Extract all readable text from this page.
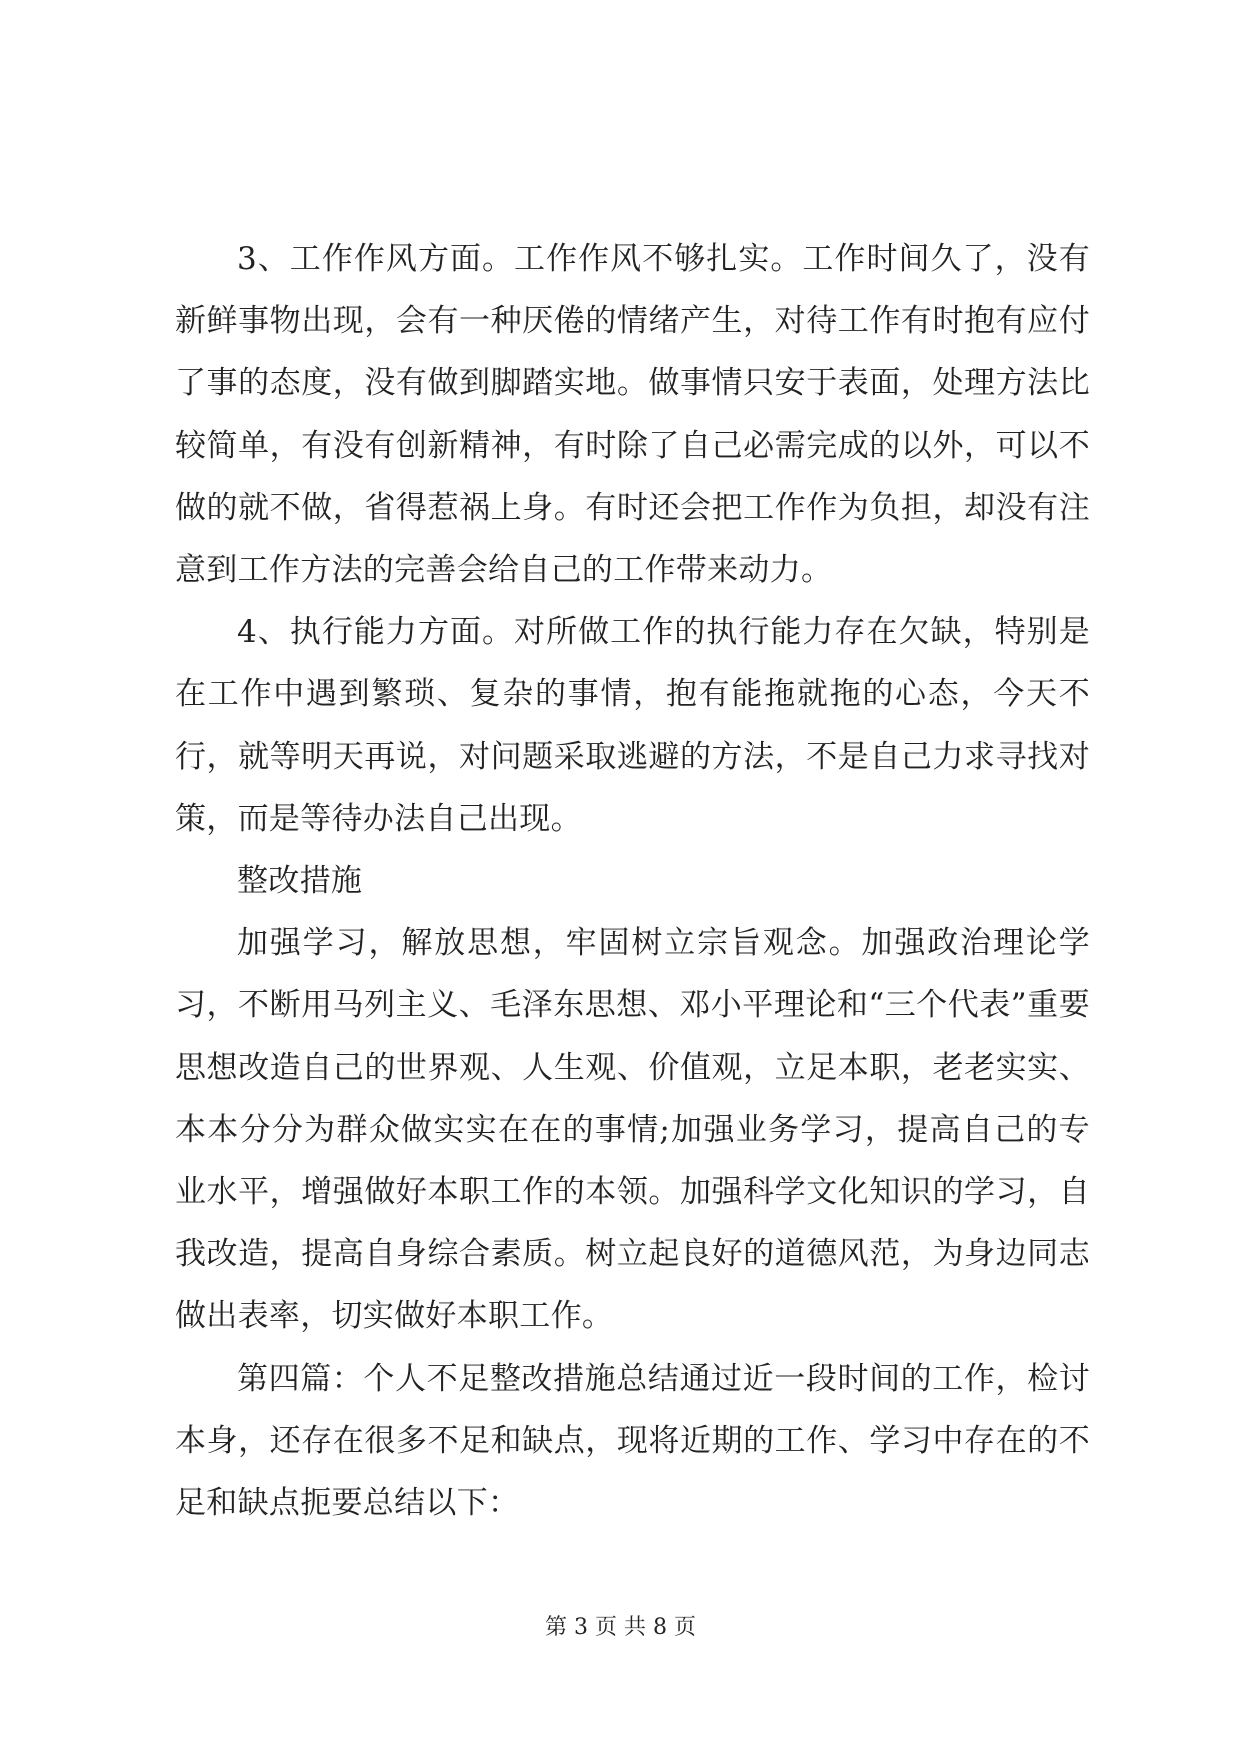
3、工作作风方面。工作作风不够扎实。工作时间久了，没有新鲜事物出现，会有一种厌倦的情绪产生，对待工作有时抱有应付了事的态度，没有做到脚踏实地。做事情只安于表面，处理方法比较简单，有没有创新精神，有时除了自己必需完成的以外，可以不做的就不做，省得惹祸上身。有时还会把工作作为负担，却没有注意到工作方法的完善会给自己的工作带来动力。

4、执行能力方面。对所做工作的执行能力存在欠缺，特别是在工作中遇到繁琐、复杂的事情，抱有能拖就拖的心态，今天不行，就等明天再说，对问题采取逃避的方法，不是自己力求寻找对策，而是等待办法自己出现。

整改措施

加强学习，解放思想，牢固树立宗旨观念。加强政治理论学习，不断用马列主义、毛泽东思想、邓小平理论和“三个代表”重要思想改造自己的世界观、人生观、价值观，立足本职，老老实实、本本分分为群众做实实在在的事情;加强业务学习，提高自己的专业水平，增强做好本职工作的本领。加强科学文化知识的学习，自我改造，提高自身综合素质。树立起良好的道德风范，为身边同志做出表率，切实做好本职工作。

第四篇：个人不足整改措施总结通过近一段时间的工作，检讨本身，还存在很多不足和缺点，现将近期的工作、学习中存在的不足和缺点扼要总结以下：

第 3 页 共 8 页
